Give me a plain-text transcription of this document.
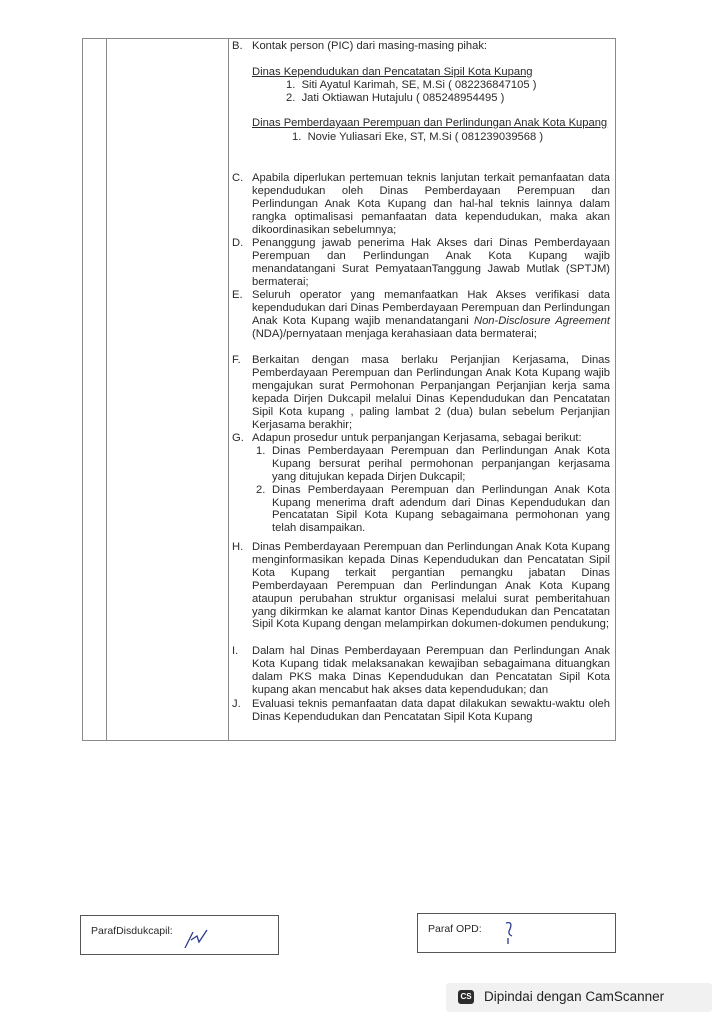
B. Kontak person (PIC) dari masing-masing pihak:
Dinas Kependudukan dan Pencatatan Sipil Kota Kupang
1. Siti Ayatul Karimah, SE, M.Si ( 082236847105 )
2. Jati Oktiawan Hutajulu ( 085248954495 )
Dinas Pemberdayaan Perempuan dan Perlindungan Anak Kota Kupang
1. Novie Yuliasari Eke, ST, M.Si ( 081239039568 )
C. Apabila diperlukan pertemuan teknis lanjutan terkait pemanfaatan data kependudukan oleh Dinas Pemberdayaan Perempuan dan Perlindungan Anak Kota Kupang dan hal-hal teknis lainnya dalam rangka optimalisasi pemanfaatan data kependudukan, maka akan dikoordinasikan sebelumnya;
D. Penanggung jawab penerima Hak Akses dari Dinas Pemberdayaan Perempuan dan Perlindungan Anak Kota Kupang wajib menandatangani Surat PemyataanTanggung Jawab Mutlak (SPTJM) bermaterai;
E. Seluruh operator yang memanfaatkan Hak Akses verifikasi data kependudukan dari Dinas Pemberdayaan Perempuan dan Perlindungan Anak Kota Kupang wajib menandatangani Non-Disclosure Agreement (NDA)/pernyataan menjaga kerahasiaan data bermaterai;
F. Berkaitan dengan masa berlaku Perjanjian Kerjasama, Dinas Pemberdayaan Perempuan dan Perlindungan Anak Kota Kupang wajib mengajukan surat Permohonan Perpanjangan Perjanjian kerja sama kepada Dirjen Dukcapil melalui Dinas Kependudukan dan Pencatatan Sipil Kota kupang , paling lambat 2 (dua) bulan sebelum Perjanjian Kerjasama berakhir;
G. Adapun prosedur untuk perpanjangan Kerjasama, sebagai berikut:
1. Dinas Pemberdayaan Perempuan dan Perlindungan Anak Kota Kupang bersurat perihal permohonan perpanjangan kerjasama yang ditujukan kepada Dirjen Dukcapil;
2. Dinas Pemberdayaan Perempuan dan Perlindungan Anak Kota Kupang menerima draft adendum dari Dinas Kependudukan dan Pencatatan Sipil Kota Kupang sebagaimana permohonan yang telah disampaikan.
H. Dinas Pemberdayaan Perempuan dan Perlindungan Anak Kota Kupang menginformasikan kepada Dinas Kependudukan dan Pencatatan Sipil Kota Kupang terkait pergantian pemangku jabatan Dinas Pemberdayaan Perempuan dan Perlindungan Anak Kota Kupang ataupun perubahan struktur organisasi melalui surat pemberitahuan yang dikirmkan ke alamat kantor Dinas Kependudukan dan Pencatatan Sipil Kota Kupang dengan melampirkan dokumen-dokumen pendukung;
I. Dalam hal Dinas Pemberdayaan Perempuan dan Perlindungan Anak Kota Kupang tidak melaksanakan kewajiban sebagaimana dituangkan dalam PKS maka Dinas Kependudukan dan Pencatatan Sipil Kota kupang akan mencabut hak akses data kependudukan; dan
J. Evaluasi teknis pemanfaatan data dapat dilakukan sewaktu-waktu oleh Dinas Kependudukan dan Pencatatan Sipil Kota Kupang
ParafDisdukcapil:	Paraf OPD:
CS Dipindai dengan CamScanner
